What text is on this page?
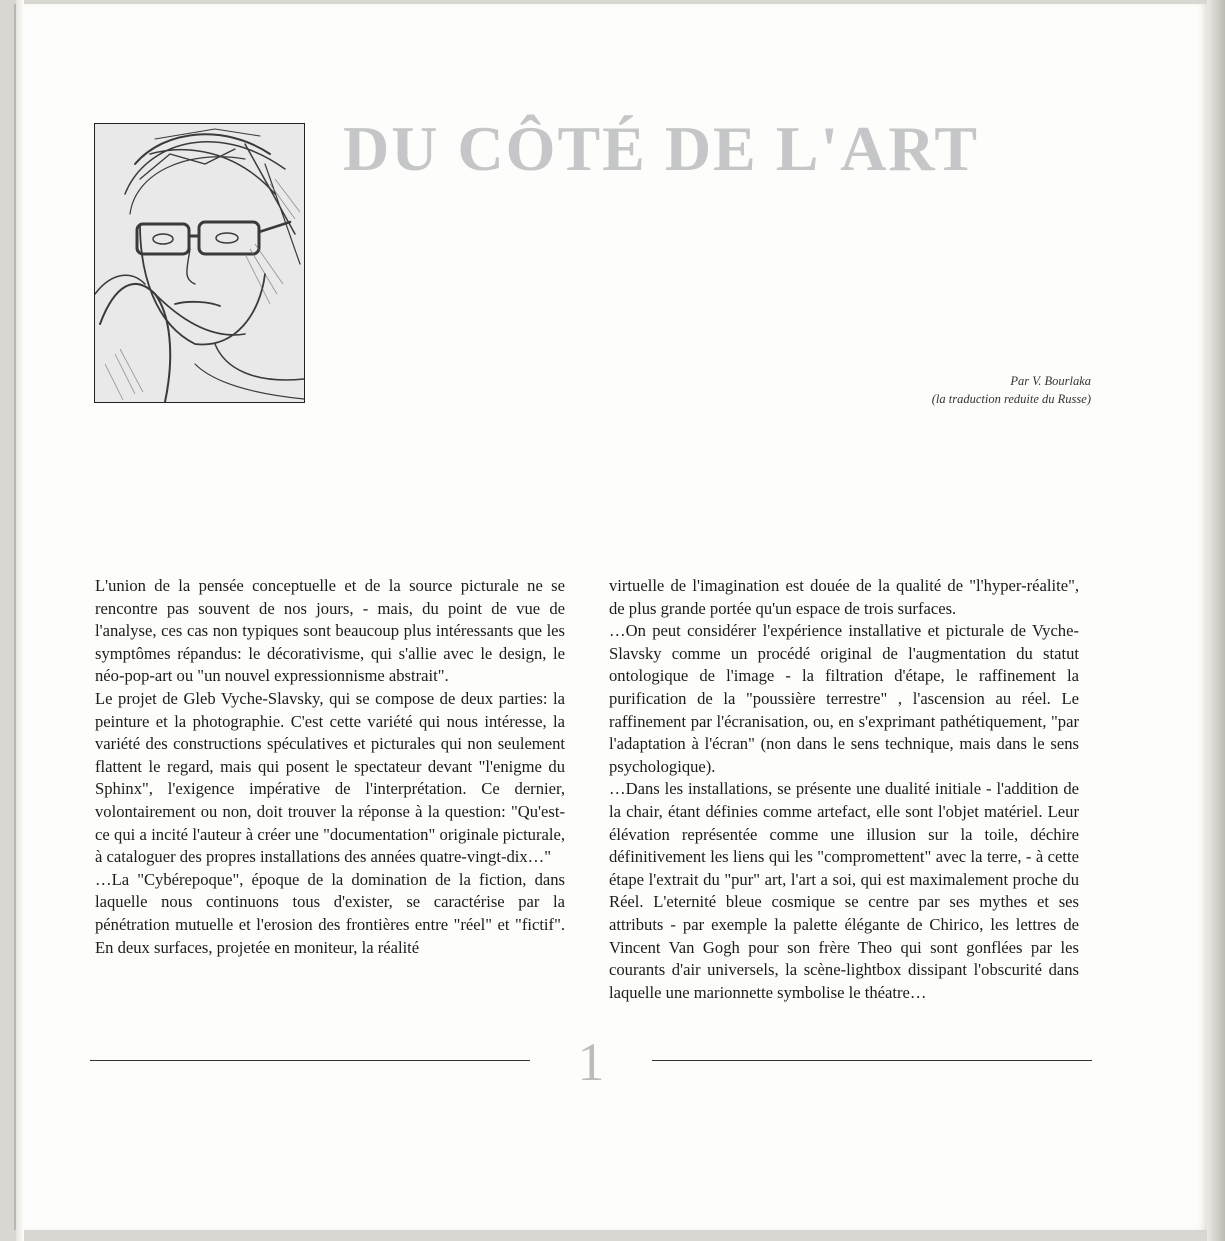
DU CÔTÉ DE L'ART
Par V. Bourlaka
(la traduction reduite du Russe)

L'union de la pensée conceptuelle et de la source picturale ne se rencontre pas souvent de nos jours, - mais, du point de vue de l'analyse, ces cas non typiques sont beaucoup plus intéressants que les symptômes répandus: le décorativisme, qui s'allie avec le design, le néo-pop-art ou "un nouvel expressionnisme abstrait".

Le projet de Gleb Vyche-Slavsky, qui se compose de deux parties: la peinture et la photographie. C'est cette variété qui nous intéresse, la variété des constructions spéculatives et picturales qui non seulement flattent le regard, mais qui posent le spectateur devant "l'enigme du Sphinx", l'exigence impérative de l'interprétation. Ce dernier, volontairement ou non, doit trouver la réponse à la question: "Qu'est-ce qui a incité l'auteur à créer une "documentation" originale picturale, à cataloguer des propres installations des années quatre-vingt-dix…"

…La "Cybérepoque", époque de la domination de la fiction, dans laquelle nous continuons tous d'exister, se caractérise par la pénétration mutuelle et l'erosion des frontières entre "réel" et "fictif". En deux surfaces, projetée en moniteur, la réalité

virtuelle de l'imagination est douée de la qualité de "l'hyper-réalite", de plus grande portée qu'un espace de trois surfaces.

…On peut considérer l'expérience installative et picturale de Vyche-Slavsky comme un procédé original de l'augmentation du statut ontologique de l'image - la filtration d'étape, le raffinement la purification de la "poussière terrestre" , l'ascension au réel. Le raffinement par l'écranisation, ou, en s'exprimant pathétiquement, "par l'adaptation à l'écran" (non dans le sens technique, mais dans le sens psychologique).

…Dans les installations, se présente une dualité initiale - l'addition de la chair, étant définies comme artefact, elle sont l'objet matériel. Leur élévation représentée comme une illusion sur la toile, déchire définitivement les liens qui les "compromettent" avec la terre, - à cette étape l'extrait du "pur" art, l'art a soi, qui est maximalement proche du Réel. L'eternité bleue cosmique se centre par ses mythes et ses attributs - par exemple la palette élégante de Chirico, les lettres de Vincent Van Gogh pour son frère Theo qui sont gonflées par les courants d'air universels, la scène-lightbox dissipant l'obscurité dans laquelle une marionnette symbolise le théatre…

1
